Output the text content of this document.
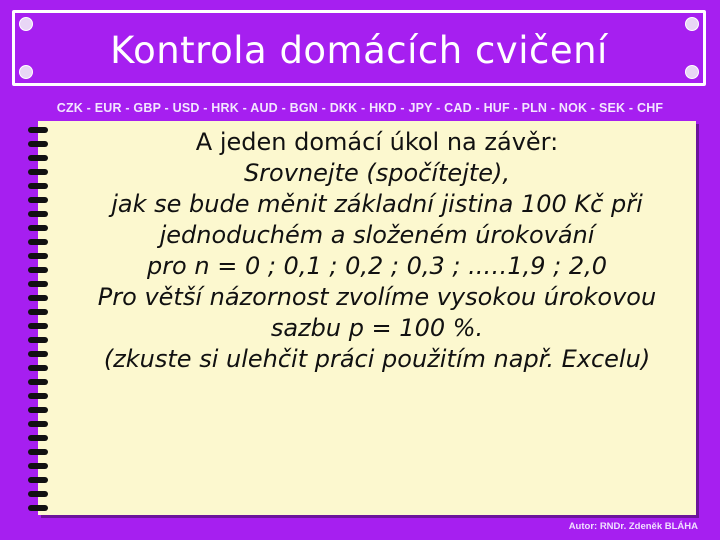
Kontrola domácích cvičení
CZK - EUR - GBP - USD - HRK - AUD - BGN - DKK - HKD - JPY - CAD - HUF - PLN - NOK - SEK - CHF
A jeden domácí úkol na závěr:
Srovnejte (spočítejte),
jak se bude měnit základní jistina 100 Kč při
jednoduchém a složeném úrokování
pro n = 0 ; 0,1 ; 0,2 ; 0,3 ; ..…1,9 ; 2,0
Pro větší názornost zvolíme vysokou úrokovou
sazbu p = 100 %.
(zkuste si ulehčit práci použitím např. Excelu)
Autor: RNDr. Zdeněk BLÁHA
